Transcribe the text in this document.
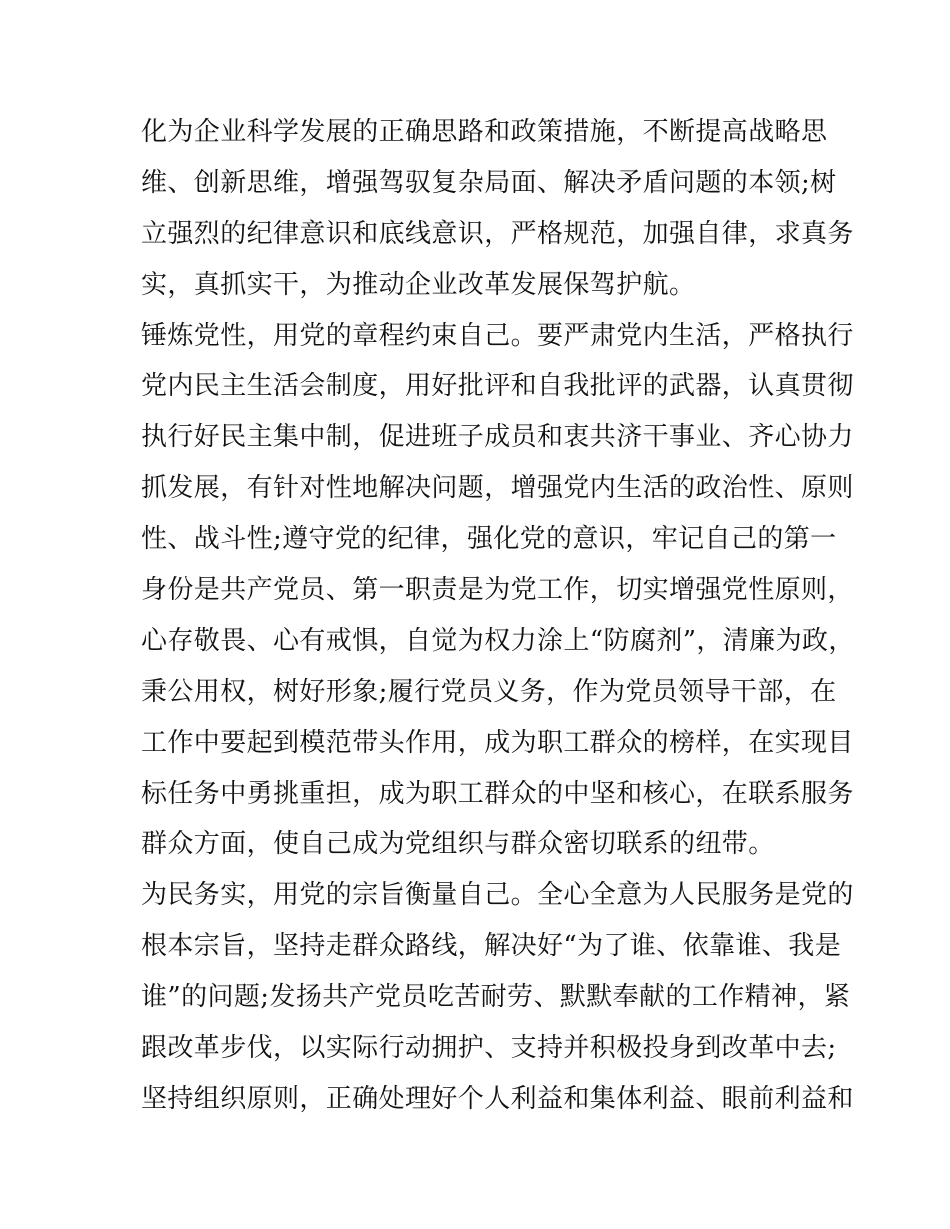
化为企业科学发展的正确思路和政策措施，不断提高战略思
维、创新思维，增强驾驭复杂局面、解决矛盾问题的本领;树
立强烈的纪律意识和底线意识，严格规范，加强自律，求真务
实，真抓实干，为推动企业改革发展保驾护航。
锤炼党性，用党的章程约束自己。要严肃党内生活，严格执行
党内民主生活会制度，用好批评和自我批评的武器，认真贯彻
执行好民主集中制，促进班子成员和衷共济干事业、齐心协力
抓发展，有针对性地解决问题，增强党内生活的政治性、原则
性、战斗性;遵守党的纪律，强化党的意识，牢记自己的第一
身份是共产党员、第一职责是为党工作，切实增强党性原则，
心存敬畏、心有戒惧，自觉为权力涂上“防腐剂”，清廉为政，
秉公用权，树好形象;履行党员义务，作为党员领导干部，在
工作中要起到模范带头作用，成为职工群众的榜样，在实现目
标任务中勇挑重担，成为职工群众的中坚和核心，在联系服务
群众方面，使自己成为党组织与群众密切联系的纽带。
为民务实，用党的宗旨衡量自己。全心全意为人民服务是党的
根本宗旨，坚持走群众路线，解决好“为了谁、依靠谁、我是
谁”的问题;发扬共产党员吃苦耐劳、默默奉献的工作精神，紧
跟改革步伐，以实际行动拥护、支持并积极投身到改革中去;
坚持组织原则，正确处理好个人利益和集体利益、眼前利益和
